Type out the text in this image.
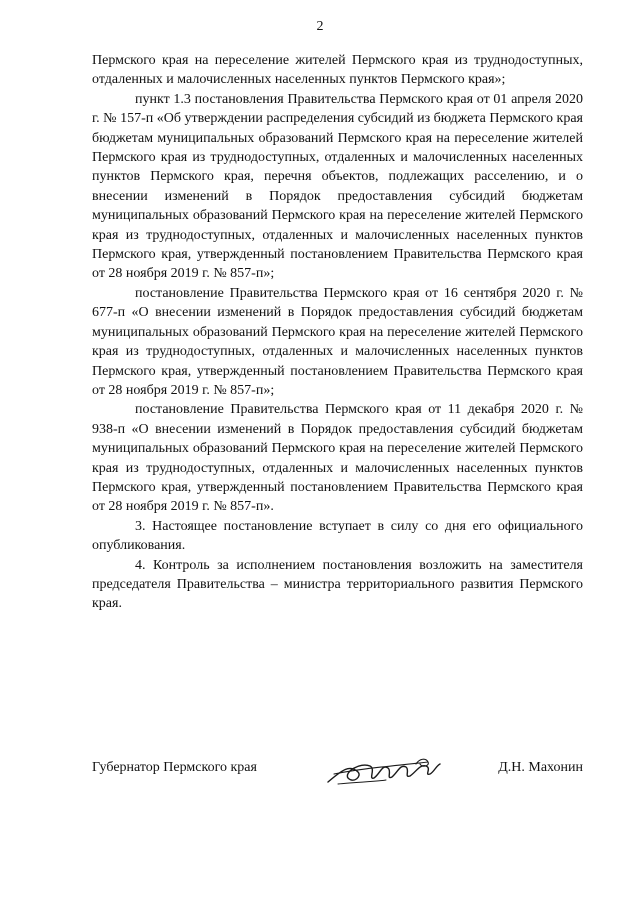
2

Пермского края на переселение жителей Пермского края из труднодоступных, отдаленных и малочисленных населенных пунктов Пермского края»;

пункт 1.3 постановления Правительства Пермского края от 01 апреля 2020 г. № 157-п «Об утверждении распределения субсидий из бюджета Пермского края бюджетам муниципальных образований Пермского края на переселение жителей Пермского края из труднодоступных, отдаленных и малочисленных населенных пунктов Пермского края, перечня объектов, подлежащих расселению, и о внесении изменений в Порядок предоставления субсидий бюджетам муниципальных образований Пермского края на переселение жителей Пермского края из труднодоступных, отдаленных и малочисленных населенных пунктов Пермского края, утвержденный постановлением Правительства Пермского края от 28 ноября 2019 г. № 857-п»;

постановление Правительства Пермского края от 16 сентября 2020 г. № 677-п «О внесении изменений в Порядок предоставления субсидий бюджетам муниципальных образований Пермского края на переселение жителей Пермского края из труднодоступных, отдаленных и малочисленных населенных пунктов Пермского края, утвержденный постановлением Правительства Пермского края от 28 ноября 2019 г. № 857-п»;

постановление Правительства Пермского края от 11 декабря 2020 г. № 938-п «О внесении изменений в Порядок предоставления субсидий бюджетам муниципальных образований Пермского края на переселение жителей Пермского края из труднодоступных, отдаленных и малочисленных населенных пунктов Пермского края, утвержденный постановлением Правительства Пермского края от 28 ноября 2019 г. № 857-п».

3. Настоящее постановление вступает в силу со дня его официального опубликования.

4. Контроль за исполнением постановления возложить на заместителя председателя Правительства – министра территориального развития Пермского края.

Губернатор Пермского края	Д.Н. Махонин
